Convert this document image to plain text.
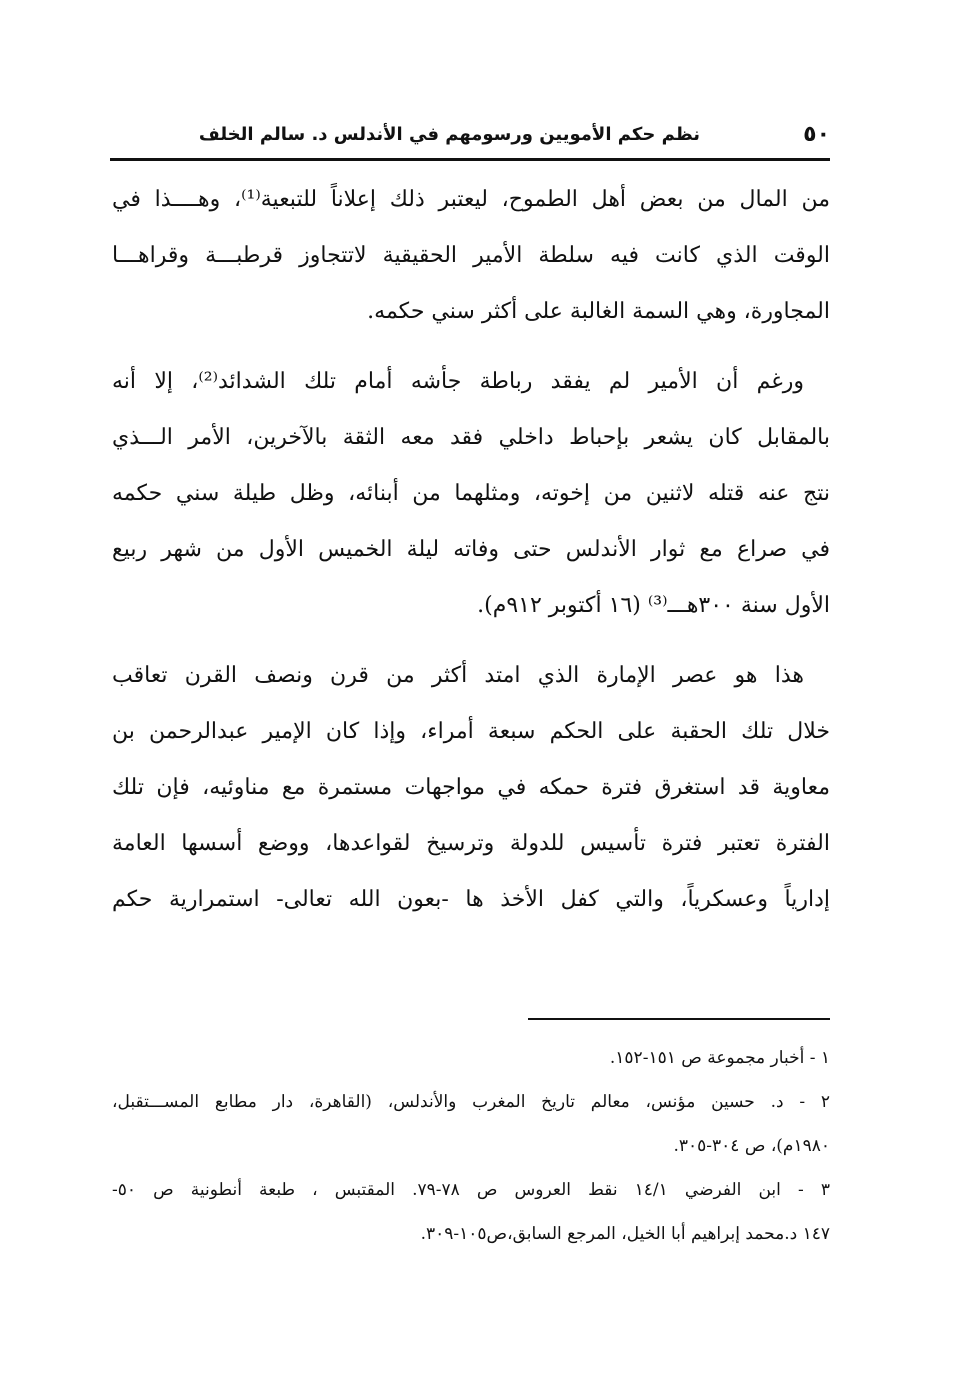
٥٠
نظم حكم الأمويين ورسومهم في الأندلس د. سالم الخلف
من المال من بعض أهل الطموح، ليعتبر ذلك إعلاناً للتبعية⁽¹⁾، وهــــذا في
الوقت الذي كانت فيه سلطة الأمير الحقيقية لاتتجاوز قرطبـــة وقراهـــا
المجاورة، وهي السمة الغالبة على أكثر سني حكمه.
ورغم أن الأمير لم يفقد رباطة جأشه أمام تلك الشدائد⁽²⁾، إلا أنه
بالمقابل كان يشعر بإحباط داخلي فقد معه الثقة بالآخرين، الأمر الـــذي
نتج عنه قتله لاثنين من إخوته، ومثلهما من أبنائه، وظل طيلة سني حكمه
في صراع مع ثوار الأندلس حتى وفاته ليلة الخميس الأول من شهر ربيع
الأول سنة ٣٠٠هـــ⁽³⁾ (١٦ أكتوبر ٩١٢م).
هذا هو عصر الإمارة الذي امتد أكثر من قرن ونصف القرن تعاقب
خلال تلك الحقبة على الحكم سبعة أمراء، وإذا كان الإمير عبدالرحمن بن
معاوية قد استغرق فترة حمكه في مواجهات مستمرة مع مناوئيه، فإن تلك
الفترة تعتبر فترة تأسيس للدولة وترسيخ لقواعدها، ووضع أسسها العامة
إدارياً وعسكرياً، والتي كفل الأخذ ها -بعون الله تعالى- استمرارية حكم
١ - أخبار مجموعة ص ١٥١-١٥٢.
٢ - د. حسين مؤنس، معالم تاريخ المغرب والأندلس، (القاهرة، دار مطابع المســـتقبل،
١٩٨٠م)، ص ٣٠٤-٣٠٥.
٣ - ابن الفرضي ١٤/١ نقط العروس ص ٧٨-٧٩. المقتبس ، طبعة أنطونية ص ٥٠-
١٤٧ د.محمد إبراهيم أبا الخيل، المرجع السابق،ص١٠٥-٣٠٩.
